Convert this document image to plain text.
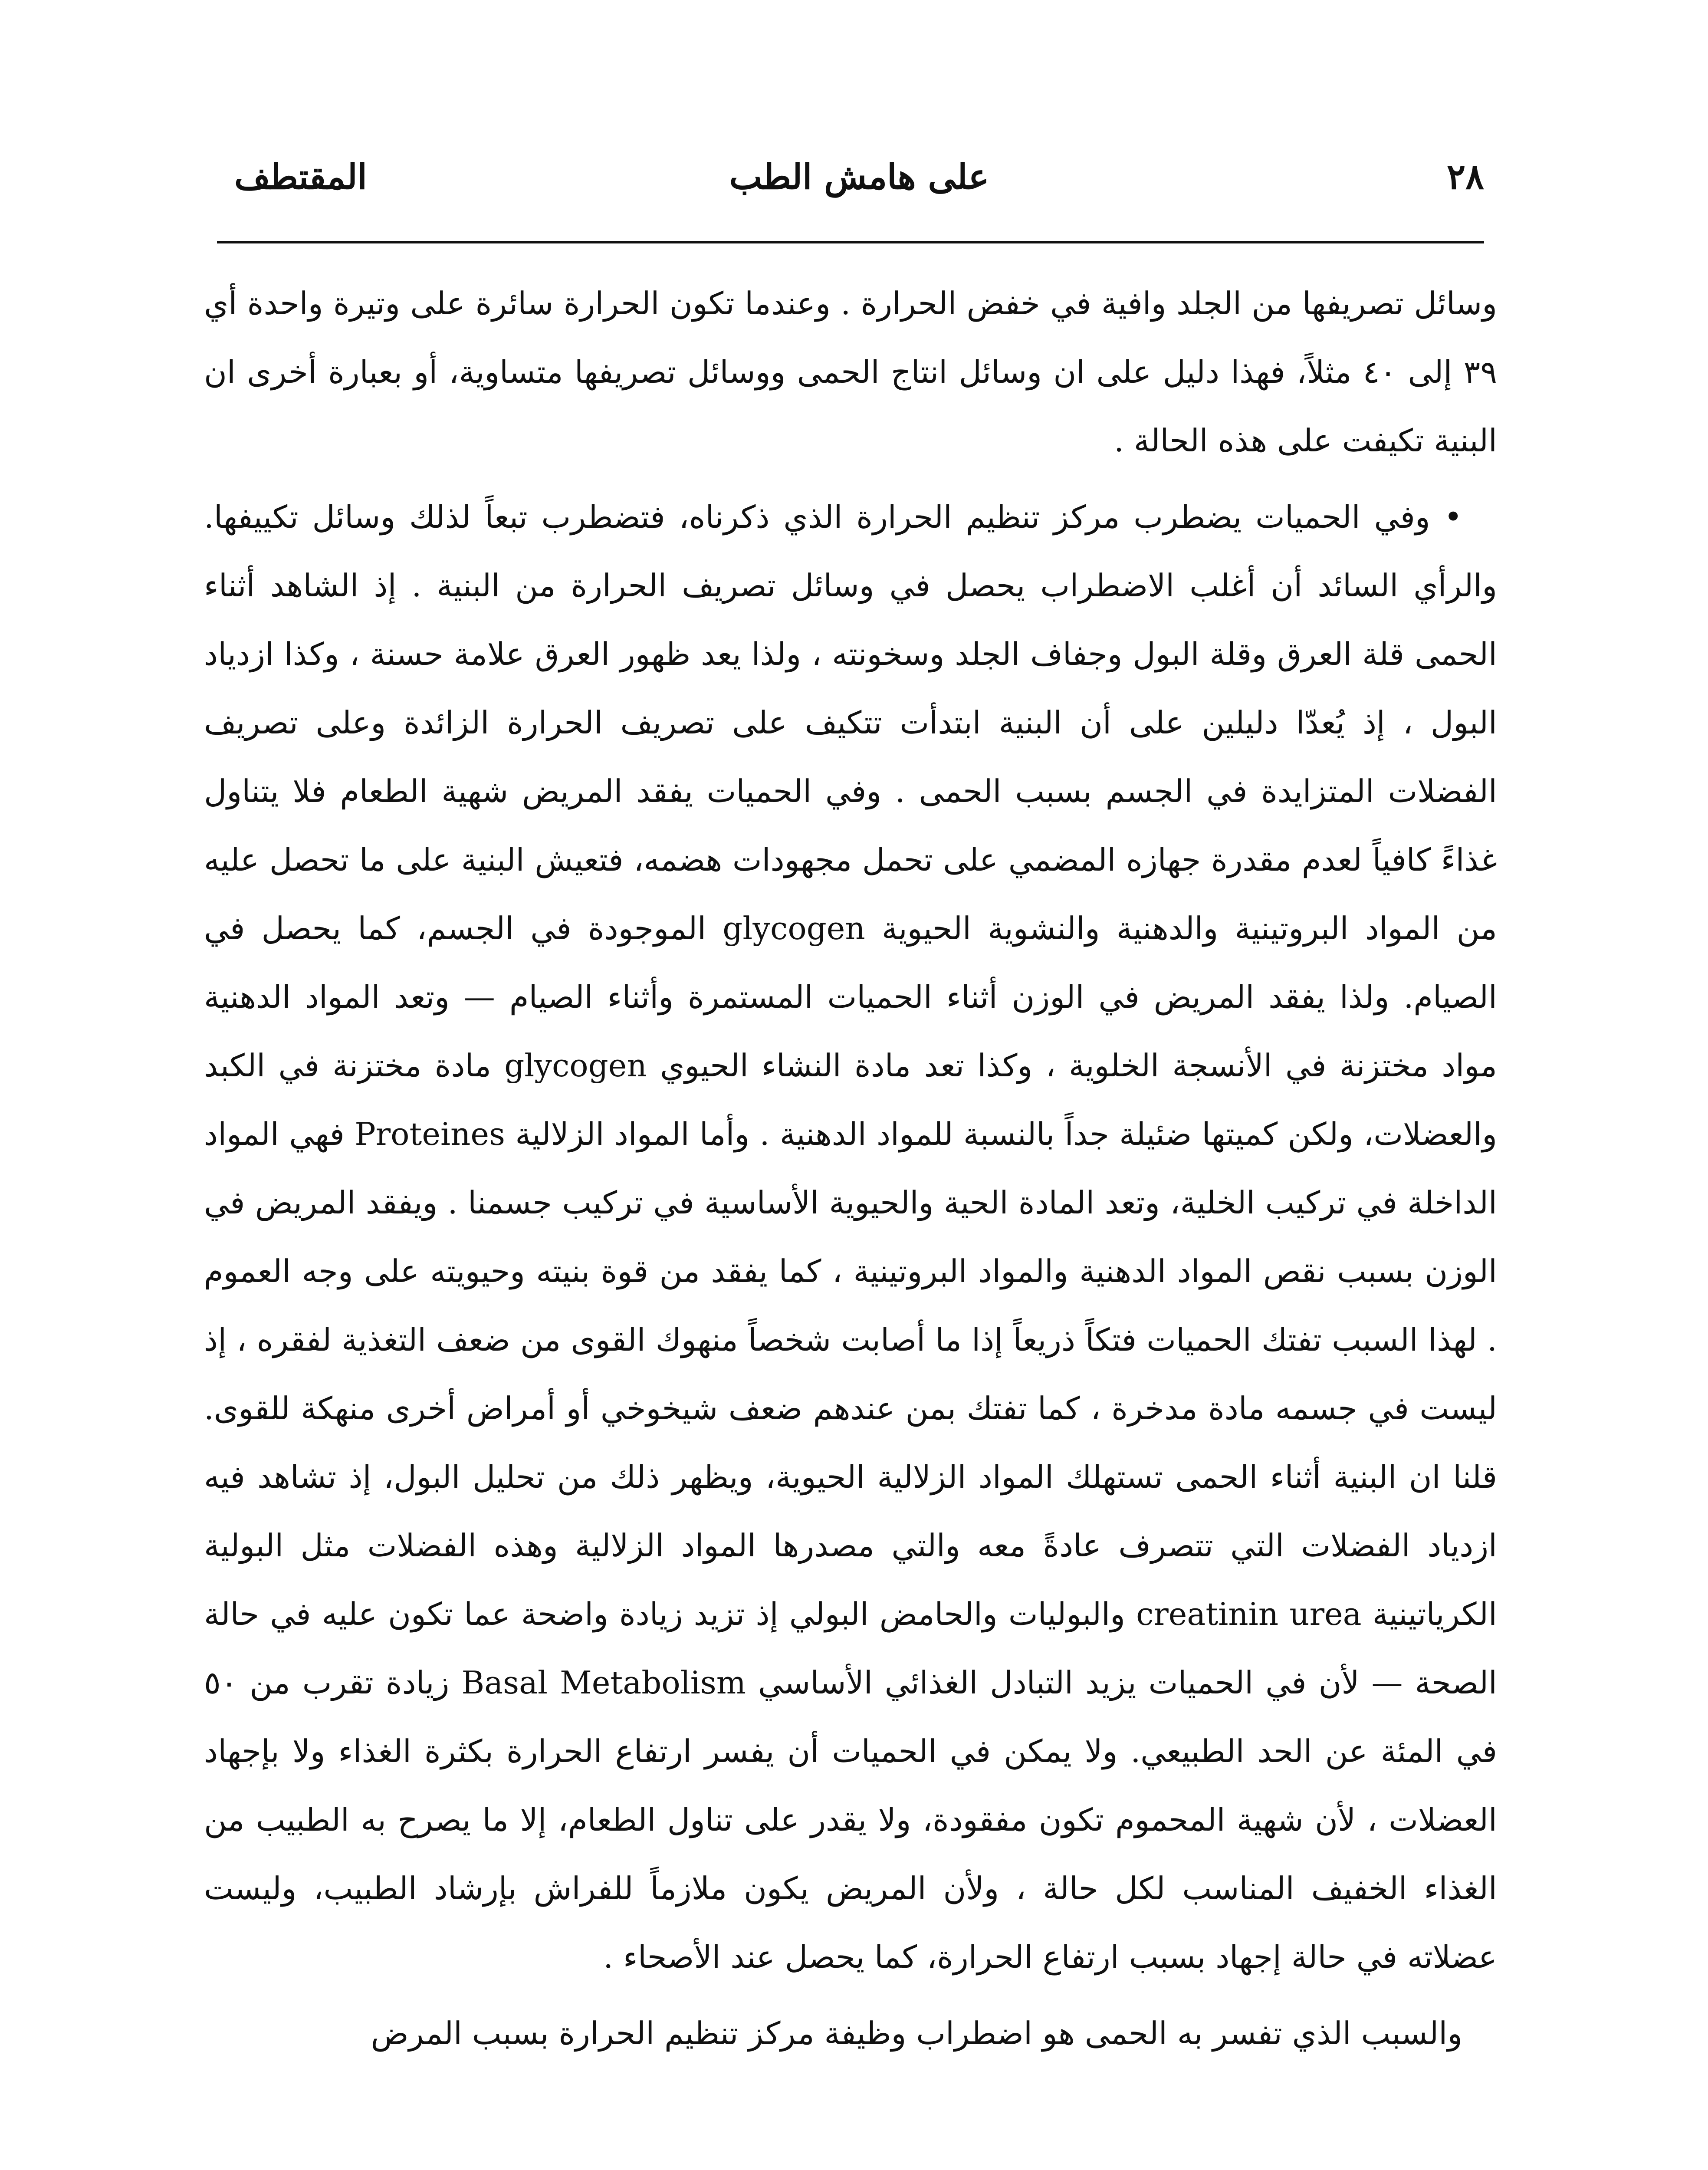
٢٨
على هامش الطب
المقتطف

وسائل تصريفها من الجلد وافية في خفض الحرارة . وعندما تكون الحرارة سائرة على وتيرة واحدة أي ٣٩ إلى ٤٠ مثلاً، فهذا دليل على ان وسائل انتاج الحمى ووسائل تصريفها متساوية، أو بعبارة أخرى ان البنية تكيفت على هذه الحالة .

• وفي الحميات يضطرب مركز تنظيم الحرارة الذي ذكرناه، فتضطرب تبعاً لذلك وسائل تكييفها. والرأي السائد أن أغلب الاضطراب يحصل في وسائل تصريف الحرارة من البنية . إذ الشاهد أثناء الحمى قلة العرق وقلة البول وجفاف الجلد وسخونته ، ولذا يعد ظهور العرق علامة حسنة ، وكذا ازدياد البول ، إذ يُعدّا دليلين على أن البنية ابتدأت تتكيف على تصريف الحرارة الزائدة وعلى تصريف الفضلات المتزايدة في الجسم بسبب الحمى . وفي الحميات يفقد المريض شهية الطعام فلا يتناول غذاءً كافياً لعدم مقدرة جهازه المضمي على تحمل مجهودات هضمه، فتعيش البنية على ما تحصل عليه من المواد البروتينية والدهنية والنشوية الحيوية glycogen الموجودة في الجسم، كما يحصل في الصيام. ولذا يفقد المريض في الوزن أثناء الحميات المستمرة وأثناء الصيام — وتعد المواد الدهنية مواد مختزنة في الأنسجة الخلوية ، وكذا تعد مادة النشاء الحيوي glycogen مادة مختزنة في الكبد والعضلات، ولكن كميتها ضئيلة جداً بالنسبة للمواد الدهنية . وأما المواد الزلالية Proteines فهي المواد الداخلة في تركيب الخلية، وتعد المادة الحية والحيوية الأساسية في تركيب جسمنا . ويفقد المريض في الوزن بسبب نقص المواد الدهنية والمواد البروتينية ، كما يفقد من قوة بنيته وحيويته على وجه العموم . لهذا السبب تفتك الحميات فتكاً ذريعاً إذا ما أصابت شخصاً منهوك القوى من ضعف التغذية لفقره ، إذ ليست في جسمه مادة مدخرة ، كما تفتك بمن عندهم ضعف شيخوخي أو أمراض أخرى منهكة للقوى. قلنا ان البنية أثناء الحمى تستهلك المواد الزلالية الحيوية، ويظهر ذلك من تحليل البول، إذ تشاهد فيه ازدياد الفضلات التي تتصرف عادةً معه والتي مصدرها المواد الزلالية وهذه الفضلات مثل البولية الكرياتينية creatinin urea والبوليات والحامض البولي إذ تزيد زيادة واضحة عما تكون عليه في حالة الصحة — لأن في الحميات يزيد التبادل الغذائي الأساسي Basal Metabolism زيادة تقرب من ٥٠ في المئة عن الحد الطبيعي. ولا يمكن في الحميات أن يفسر ارتفاع الحرارة بكثرة الغذاء ولا بإجهاد العضلات ، لأن شهية المحموم تكون مفقودة، ولا يقدر على تناول الطعام، إلا ما يصرح به الطبيب من الغذاء الخفيف المناسب لكل حالة ، ولأن المريض يكون ملازماً للفراش بإرشاد الطبيب، وليست عضلاته في حالة إجهاد بسبب ارتفاع الحرارة، كما يحصل عند الأصحاء .

والسبب الذي تفسر به الحمى هو اضطراب وظيفة مركز تنظيم الحرارة بسبب المرض
